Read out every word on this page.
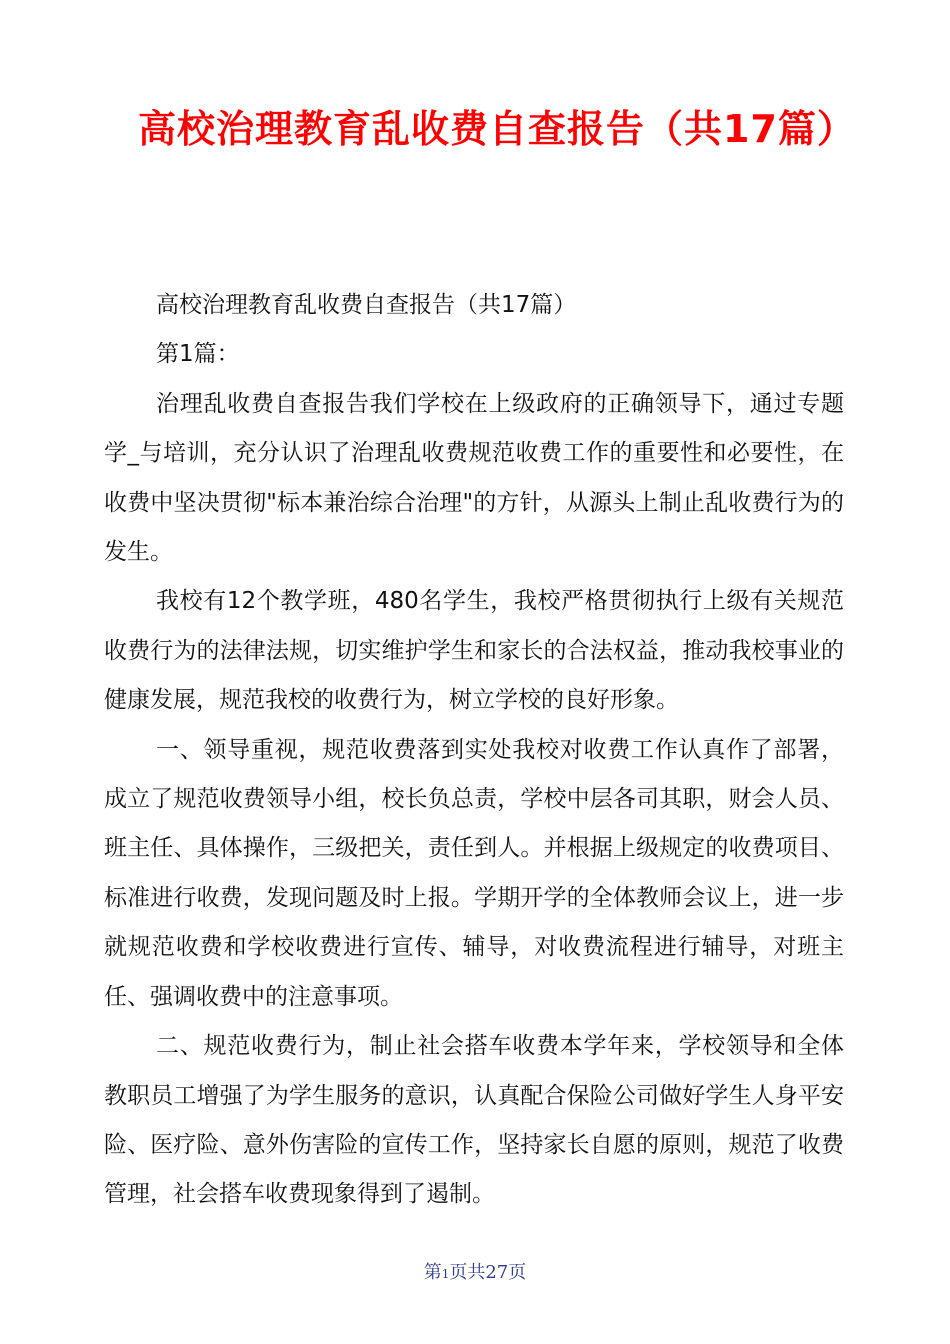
高校治理教育乱收费自查报告（共17篇）

高校治理教育乱收费自查报告（共17篇）

第1篇：

治理乱收费自查报告我们学校在上级政府的正确领导下，通过专题学_与培训，充分认识了治理乱收费规范收费工作的重要性和必要性，在收费中坚决贯彻"标本兼治综合治理"的方针，从源头上制止乱收费行为的发生。

我校有12个教学班，480名学生，我校严格贯彻执行上级有关规范收费行为的法律法规，切实维护学生和家长的合法权益，推动我校事业的健康发展，规范我校的收费行为，树立学校的良好形象。

一、领导重视，规范收费落到实处我校对收费工作认真作了部署，成立了规范收费领导小组，校长负总责，学校中层各司其职，财会人员、班主任、具体操作，三级把关，责任到人。并根据上级规定的收费项目、标准进行收费，发现问题及时上报。学期开学的全体教师会议上，进一步就规范收费和学校收费进行宣传、辅导，对收费流程进行辅导，对班主任、强调收费中的注意事项。

二、规范收费行为，制止社会搭车收费本学年来，学校领导和全体教职员工增强了为学生服务的意识，认真配合保险公司做好学生人身平安险、医疗险、意外伤害险的宣传工作，坚持家长自愿的原则，规范了收费管理，社会搭车收费现象得到了遏制。

第1页共27页
